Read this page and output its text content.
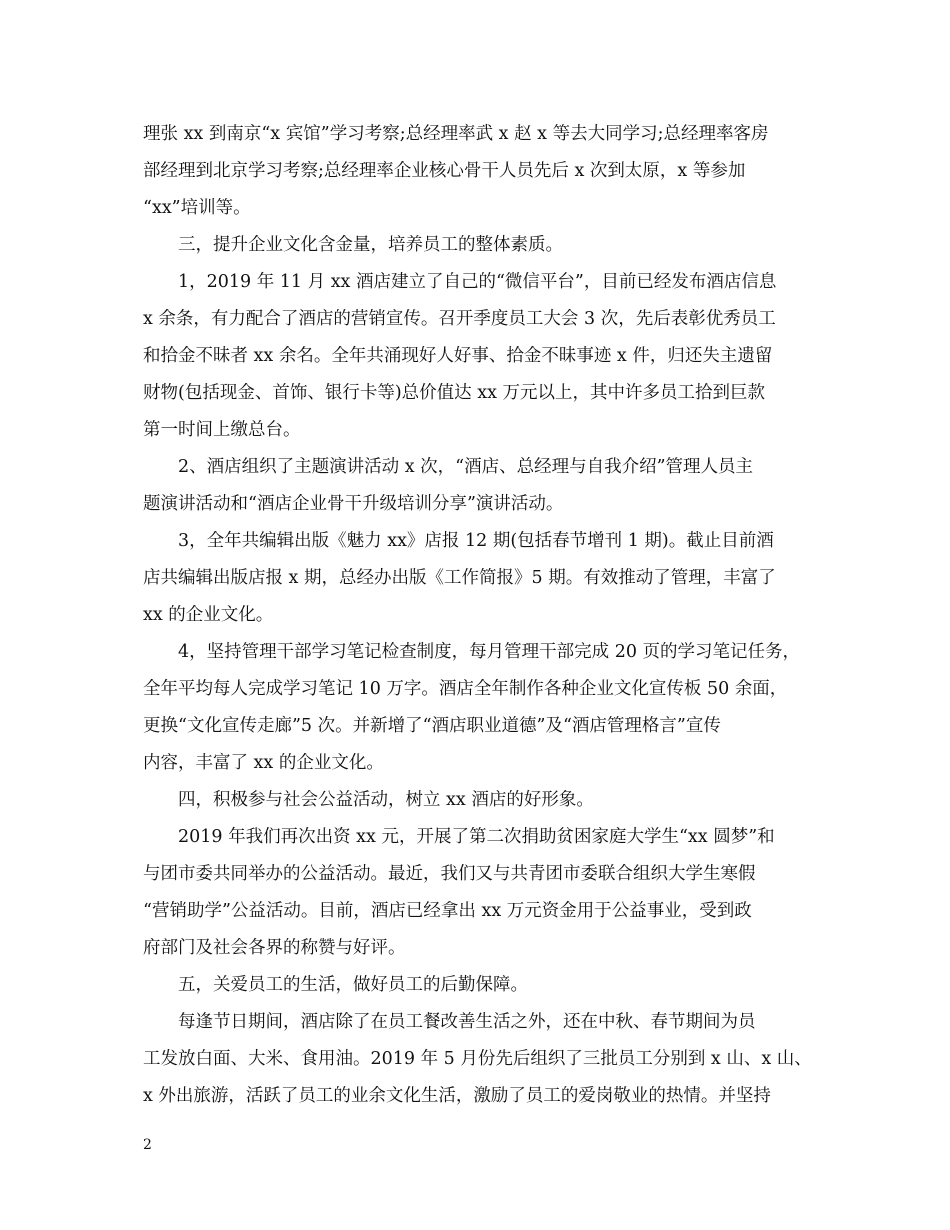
理张 xx 到南京“x 宾馆”学习考察;总经理率武 x 赵 x 等去大同学习;总经理率客房
部经理到北京学习考察;总经理率企业核心骨干人员先后 x 次到太原，x 等参加
“xx”培训等。
三，提升企业文化含金量，培养员工的整体素质。
1，2019 年 11 月 xx 酒店建立了自己的“微信平台”，目前已经发布酒店信息
x 余条，有力配合了酒店的营销宣传。召开季度员工大会 3 次，先后表彰优秀员工
和拾金不昧者 xx 余名。全年共涌现好人好事、拾金不昧事迹 x 件，归还失主遗留
财物(包括现金、首饰、银行卡等)总价值达 xx 万元以上，其中许多员工拾到巨款
第一时间上缴总台。
2、酒店组织了主题演讲活动 x 次，“酒店、总经理与自我介绍”管理人员主
题演讲活动和“酒店企业骨干升级培训分享”演讲活动。
3，全年共编辑出版《魅力 xx》店报 12 期(包括春节增刊 1 期)。截止目前酒
店共编辑出版店报 x 期，总经办出版《工作简报》5 期。有效推动了管理，丰富了
xx 的企业文化。
4，坚持管理干部学习笔记检查制度，每月管理干部完成 20 页的学习笔记任务，
全年平均每人完成学习笔记 10 万字。酒店全年制作各种企业文化宣传板 50 余面，
更换“文化宣传走廊”5 次。并新增了“酒店职业道德”及“酒店管理格言”宣传
内容，丰富了 xx 的企业文化。
四，积极参与社会公益活动，树立 xx 酒店的好形象。
2019 年我们再次出资 xx 元，开展了第二次捐助贫困家庭大学生“xx 圆梦”和
与团市委共同举办的公益活动。最近，我们又与共青团市委联合组织大学生寒假
“营销助学”公益活动。目前，酒店已经拿出 xx 万元资金用于公益事业，受到政
府部门及社会各界的称赞与好评。
五，关爱员工的生活，做好员工的后勤保障。
每逢节日期间，酒店除了在员工餐改善生活之外，还在中秋、春节期间为员
工发放白面、大米、食用油。2019 年 5 月份先后组织了三批员工分别到 x 山、x 山、
x 外出旅游，活跃了员工的业余文化生活，激励了员工的爱岗敬业的热情。并坚持
2
